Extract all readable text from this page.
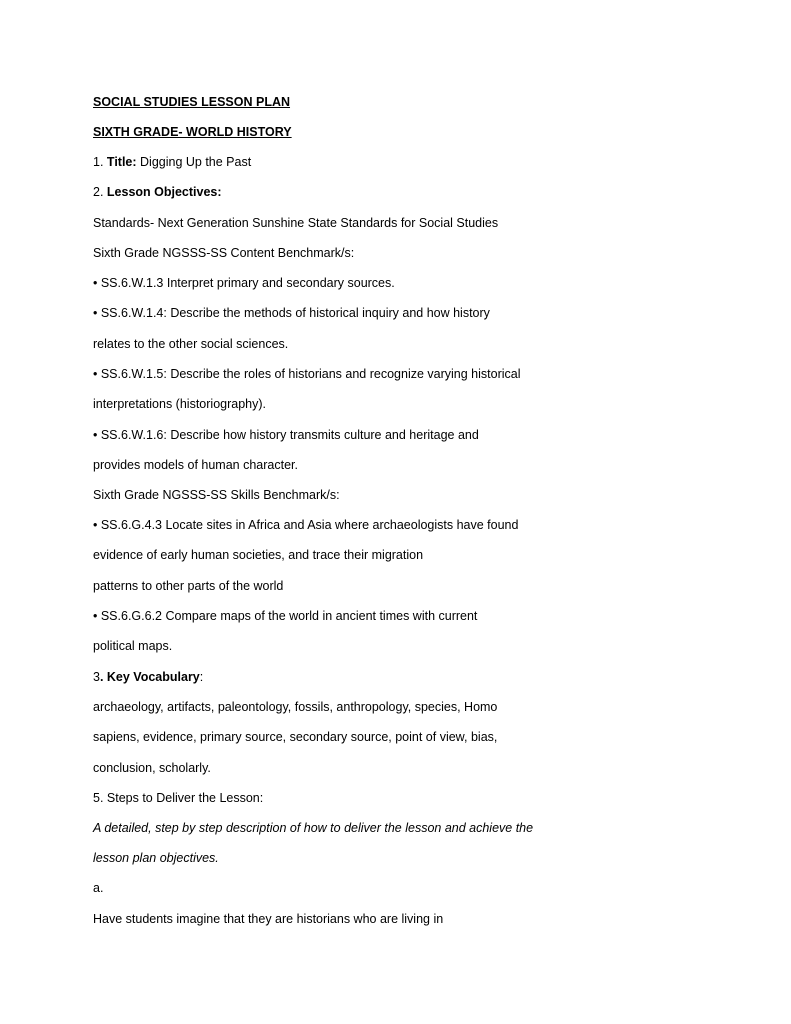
SOCIAL STUDIES LESSON PLAN
SIXTH GRADE- WORLD HISTORY
1. Title: Digging Up the Past
2. Lesson Objectives:
Standards- Next Generation Sunshine State Standards for Social Studies
Sixth Grade NGSSS-SS Content Benchmark/s:
• SS.6.W.1.3 Interpret primary and secondary sources.
• SS.6.W.1.4: Describe the methods of historical inquiry and how history
relates to the other social sciences.
• SS.6.W.1.5: Describe the roles of historians and recognize varying historical
interpretations (historiography).
• SS.6.W.1.6: Describe how history transmits culture and heritage and
provides models of human character.
Sixth Grade NGSSS-SS Skills Benchmark/s:
• SS.6.G.4.3 Locate sites in Africa and Asia where archaeologists have found
evidence of early human societies, and trace their migration
patterns to other parts of the world
• SS.6.G.6.2 Compare maps of the world in ancient times with current
political maps.
3. Key Vocabulary:
archaeology, artifacts, paleontology, fossils, anthropology, species, Homo
sapiens, evidence, primary source, secondary source, point of view, bias,
conclusion, scholarly.
5. Steps to Deliver the Lesson:
A detailed, step by step description of how to deliver the lesson and achieve the
lesson plan objectives.
a.
Have students imagine that they are historians who are living in
